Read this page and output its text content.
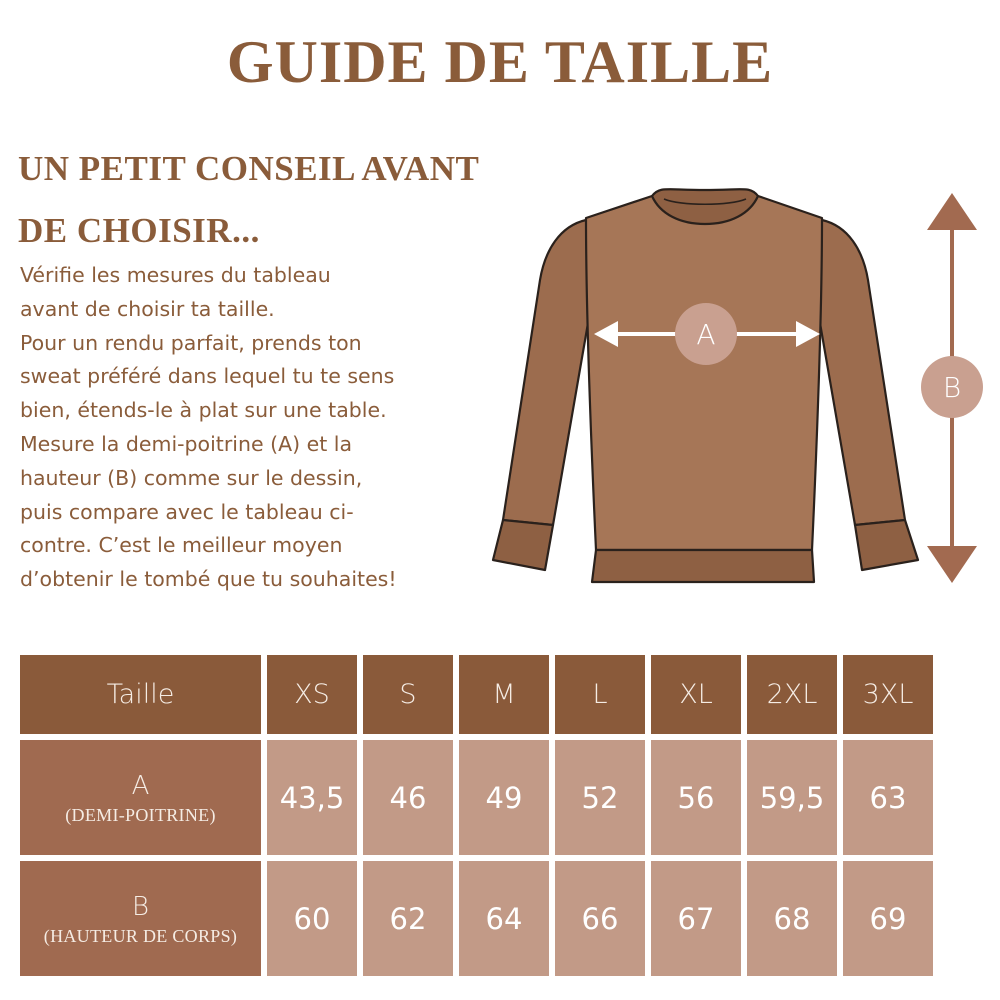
GUIDE DE TAILLE
UN PETIT CONSEIL AVANT
DE CHOISIR...
Vérifie les mesures du tableau
avant de choisir ta taille.
Pour un rendu parfait, prends ton
sweat préféré dans lequel tu te sens
bien, étends-le à plat sur une table.
Mesure la demi-poitrine (A) et la
hauteur (B) comme sur le dessin,
puis compare avec le tableau ci-
contre. C’est le meilleur moyen
d’obtenir le tombé que tu souhaites!
A
B
Taille	XS	S	M	L	XL	2XL	3XL

A
(DEMI-POITRINE)	43,5	46	49	52	56	59,5	63

B
(HAUTEUR DE CORPS)	60	62	64	66	67	68	69
